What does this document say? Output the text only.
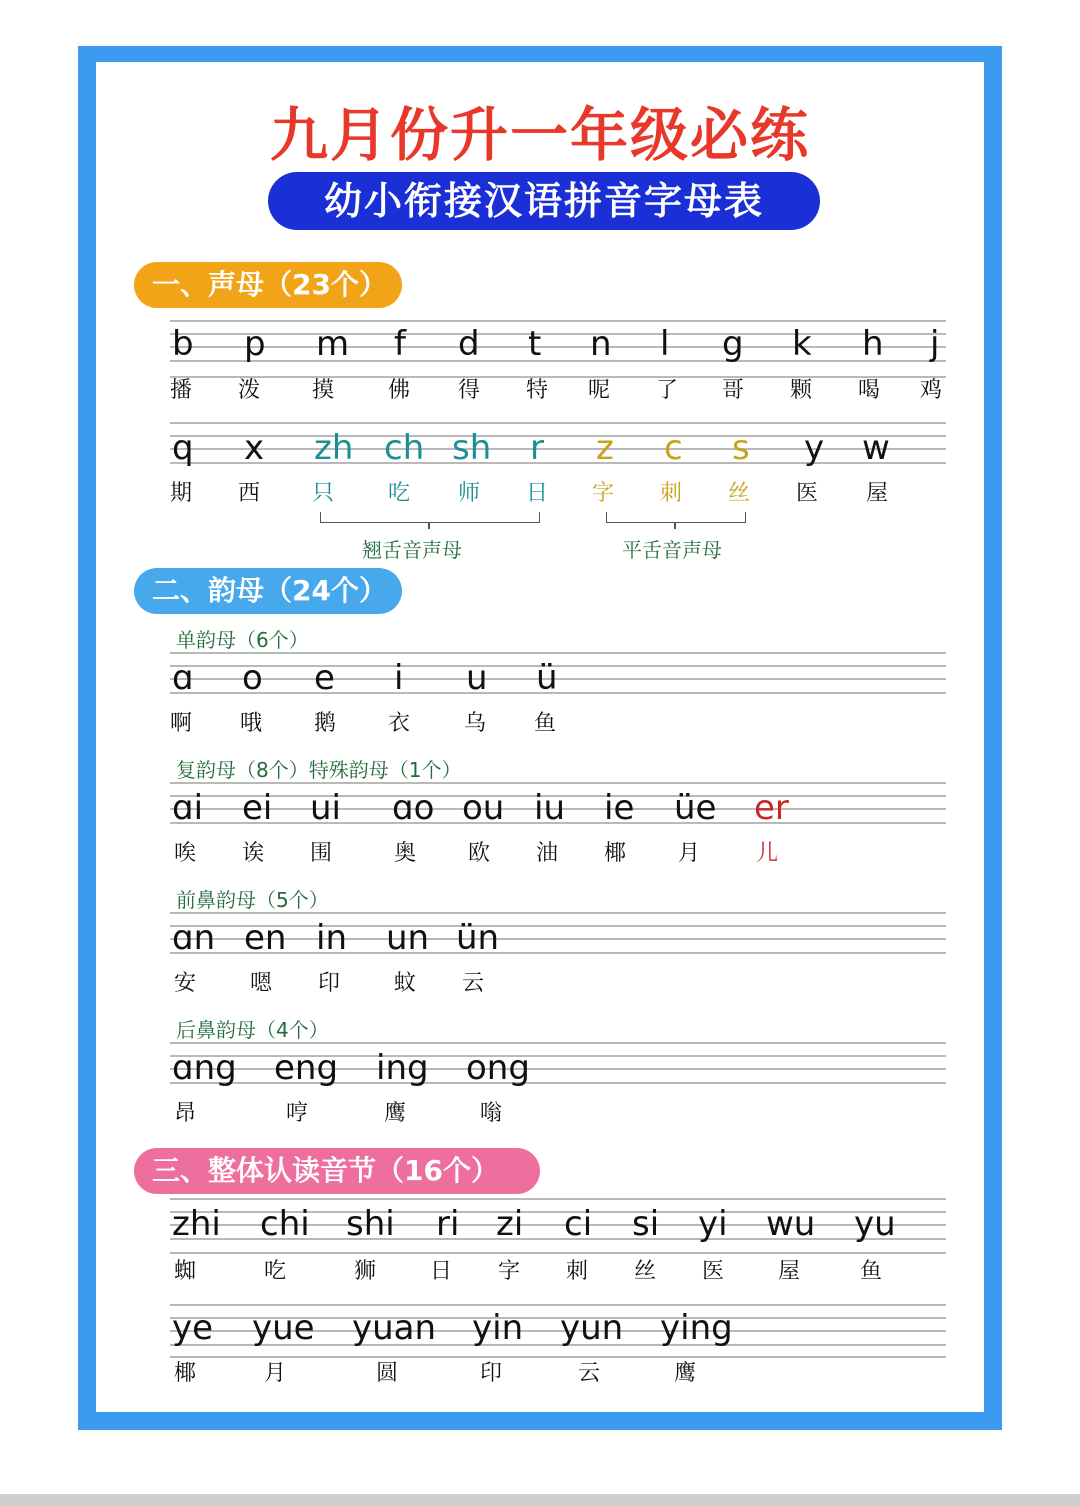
九月份升一年级必练
幼小衔接汉语拼音字母表
一、声母（23个）
二、韵母（24个）
三、整体认读音节（16个）
单韵母（6个）
复韵母（8个）特殊韵母（1个）
前鼻韵母（5个）
后鼻韵母（4个）
翘舌音声母	平舌音声母
b p m f d t n l g k h j
播 泼 摸 佛 得 特 呢 了 哥 颗 喝 鸡
q x zh ch sh r z c s y w
期 西 只 吃 师 日 字 刺 丝 医 屋
ɑ o e i u ü
啊 哦 鹅 衣 乌 鱼
ɑi ei ui ɑo ou iu ie üe er
唉 诶 围	奥 欧 油 椰 月	儿
ɑn en in un ün
安 嗯 印 蚊 云
ɑng eng ing ong
昂	哼	鹰	嗡
zhi chi shi ri zi ci si yi wu yu
蜘	吃	狮 日 字 刺 丝 医 屋	鱼
ye yue yuan yin yun ying
椰	月	圆	印	云	鹰
